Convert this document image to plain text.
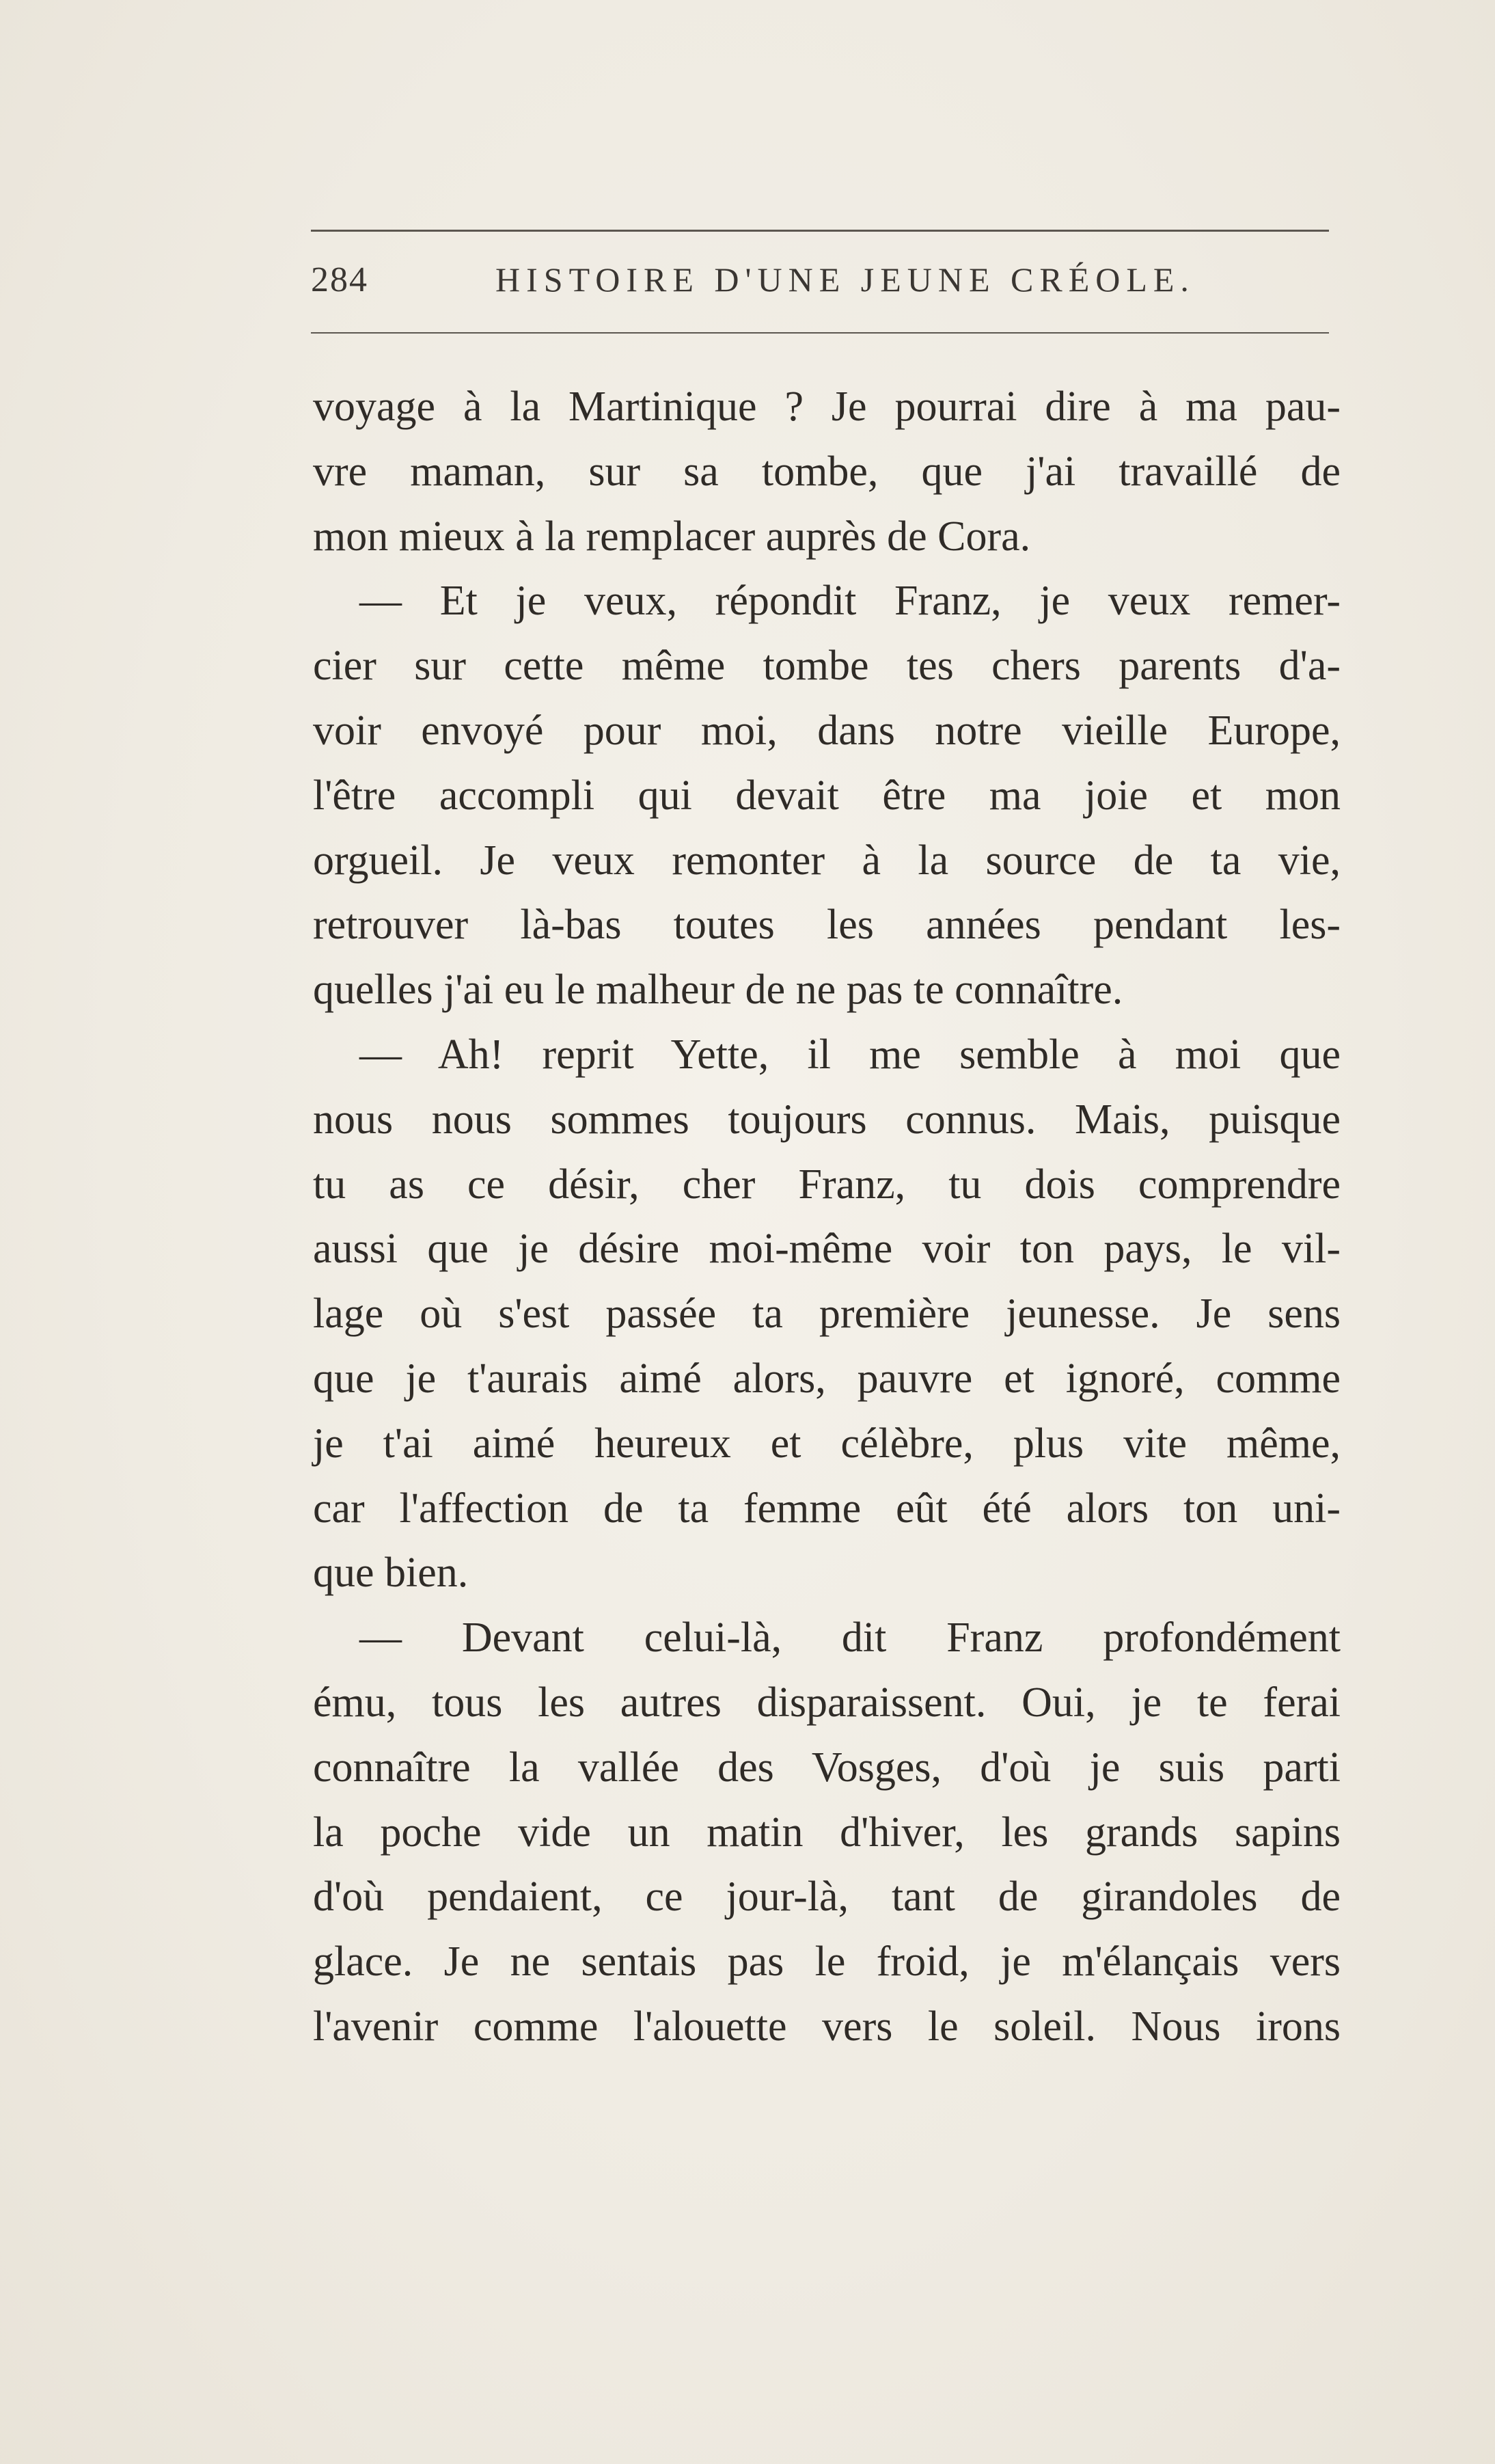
284	HISTOIRE D'UNE JEUNE CRÉOLE.
voyage à la Martinique ? Je pourrai dire à ma pau-
vre maman, sur sa tombe, que j'ai travaillé de
mon mieux à la remplacer auprès de Cora.
— Et je veux, répondit Franz, je veux remer-
cier sur cette même tombe tes chers parents d'a-
voir envoyé pour moi, dans notre vieille Europe,
l'être accompli qui devait être ma joie et mon
orgueil. Je veux remonter à la source de ta vie,
retrouver là-bas toutes les années pendant les-
quelles j'ai eu le malheur de ne pas te connaître.
— Ah! reprit Yette, il me semble à moi que
nous nous sommes toujours connus. Mais, puisque
tu as ce désir, cher Franz, tu dois comprendre
aussi que je désire moi-même voir ton pays, le vil-
lage où s'est passée ta première jeunesse. Je sens
que je t'aurais aimé alors, pauvre et ignoré, comme
je t'ai aimé heureux et célèbre, plus vite même,
car l'affection de ta femme eût été alors ton uni-
que bien.
— Devant celui-là, dit Franz profondément
ému, tous les autres disparaissent. Oui, je te ferai
connaître la vallée des Vosges, d'où je suis parti
la poche vide un matin d'hiver, les grands sapins
d'où pendaient, ce jour-là, tant de girandoles de
glace. Je ne sentais pas le froid, je m'élançais vers
l'avenir comme l'alouette vers le soleil. Nous irons
